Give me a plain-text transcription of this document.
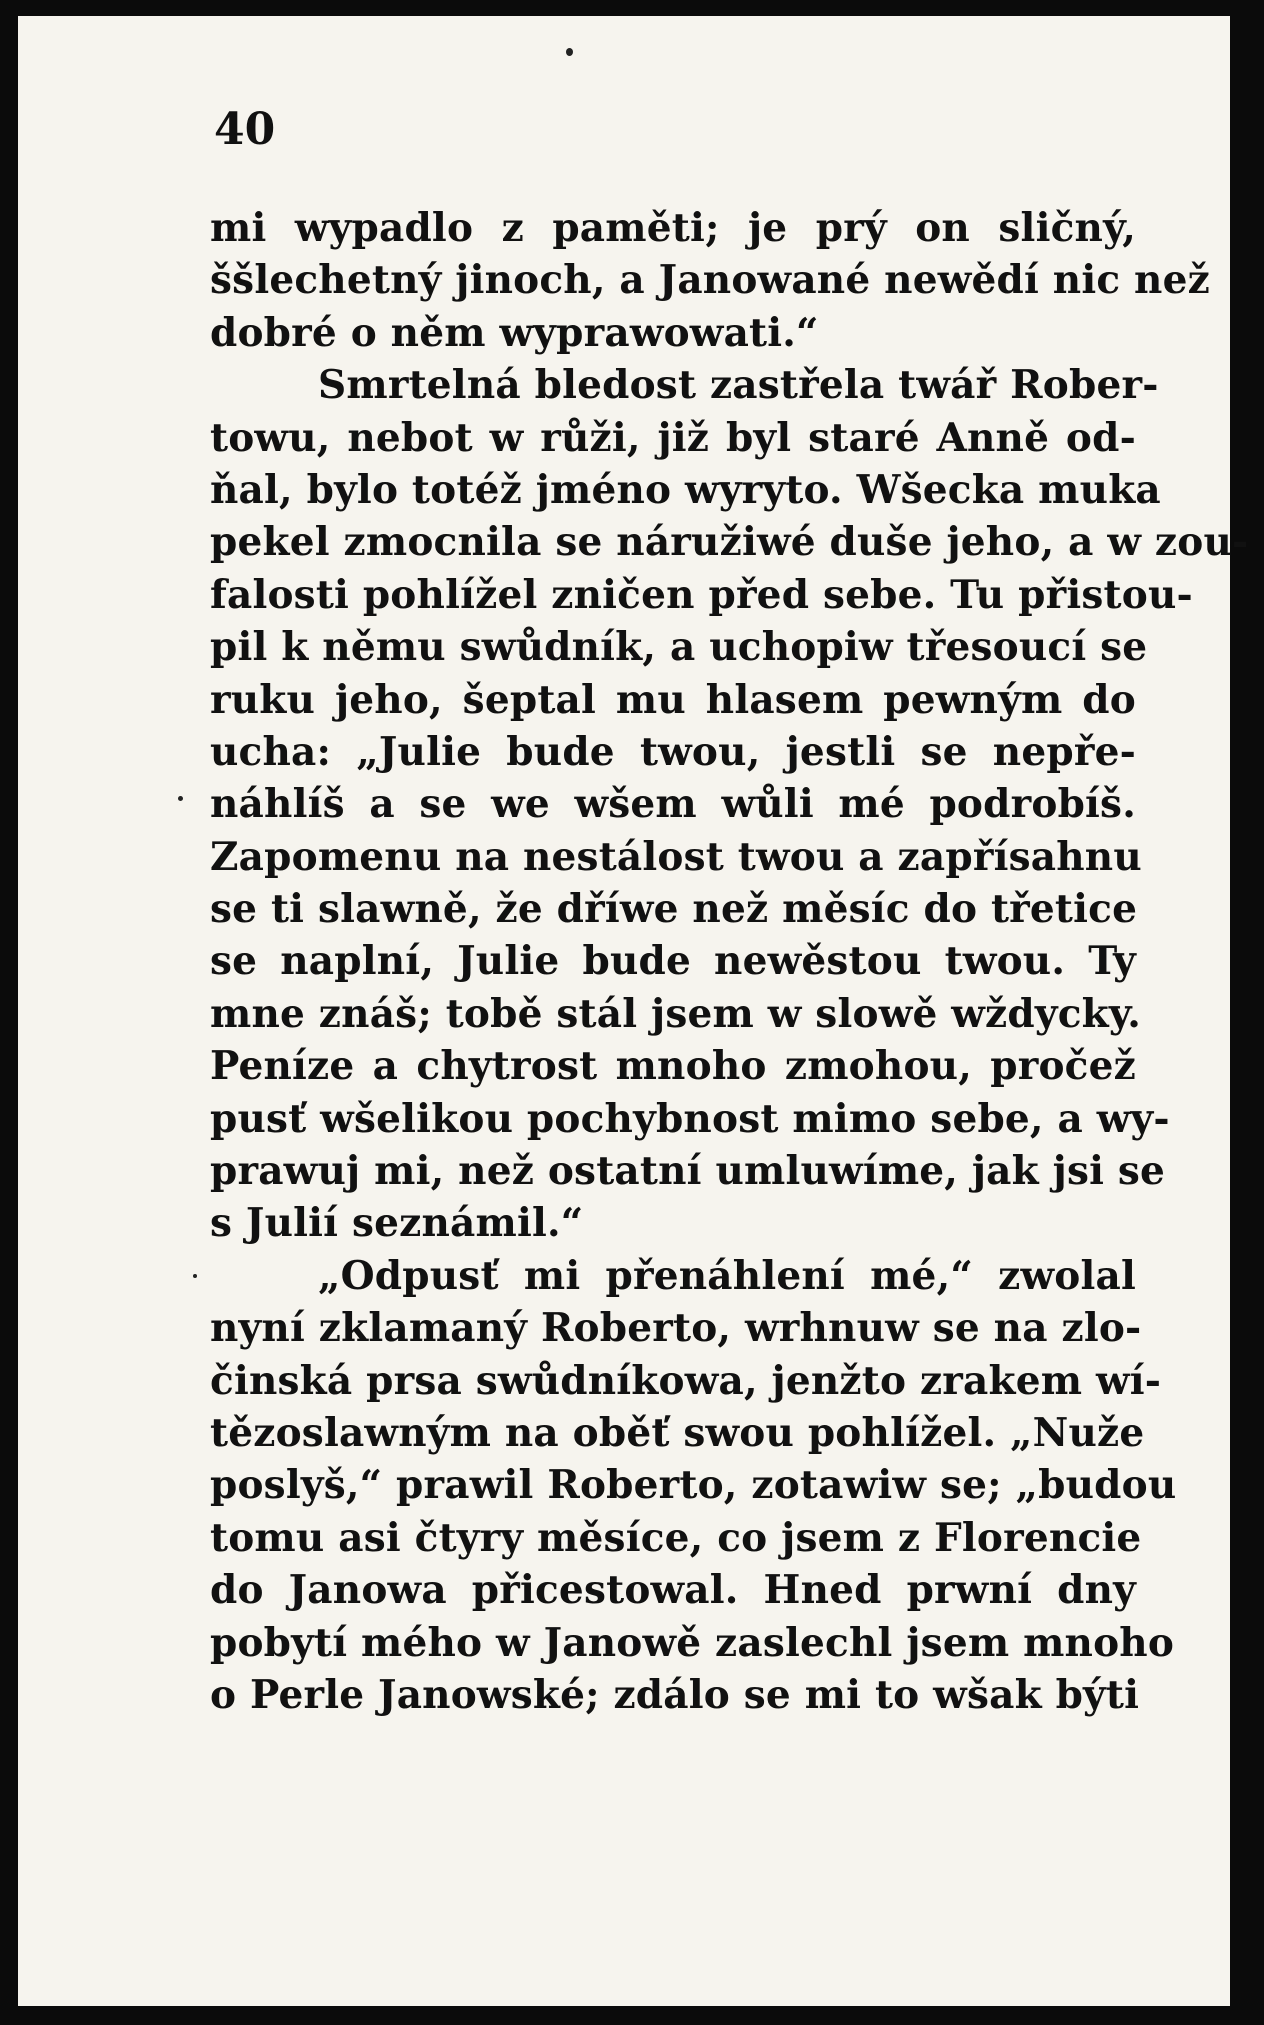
40
mi wypadlo z paměti; je prý on sličný,
ššlechetný jinoch, a Janowané newědí nic než
dobré o něm wyprawowati.“
Smrtelná bledost zastřela twář Rober-
towu, nebot w růži, již byl staré Anně od-
ňal, bylo totéž jméno wyryto. Wšecka muka
pekel zmocnila se náružiwé duše jeho, a w zou-
falosti pohlížel zničen před sebe. Tu přistou-
pil k němu swůdník, a uchopiw třesoucí se
ruku jeho, šeptal mu hlasem pewným do
ucha: „Julie bude twou, jestli se nepře-
náhlíš a se we wšem wůli mé podrobíš.
Zapomenu na nestálost twou a zapřísahnu
se ti slawně, že dříwe než měsíc do třetice
se naplní, Julie bude newěstou twou. Ty
mne znáš; tobě stál jsem w slowě wždycky.
Peníze a chytrost mnoho zmohou, pročež
pusť wšelikou pochybnost mimo sebe, a wy-
prawuj mi, než ostatní umluwíme, jak jsi se
s Julií seznámil.“
„Odpusť mi přenáhlení mé,“ zwolal
nyní zklamaný Roberto, wrhnuw se na zlo-
činská prsa swůdníkowa, jenžto zrakem wí-
tězoslawným na oběť swou pohlížel. „Nuže
poslyš,“ prawil Roberto, zotawiw se; „budou
tomu asi čtyry měsíce, co jsem z Florencie
do Janowa přicestowal. Hned prwní dny
pobytí mého w Janowě zaslechl jsem mnoho
o Perle Janowské; zdálo se mi to wšak býti
